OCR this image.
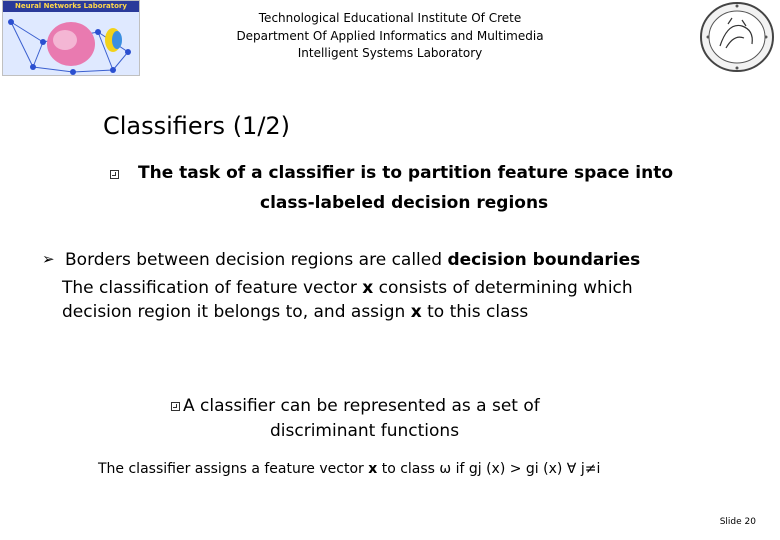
Neural Networks Laboratory
Technological Educational Institute Of Crete
Department Of Applied Informatics and Multimedia
Intelligent Systems Laboratory
Classifiers (1/2)
The task of a classifier is to partition feature space into
class-labeled decision regions
➢ Borders between decision regions are called decision boundaries
The classification of feature vector x consists of determining which
decision region it belongs to, and assign x to this class
A classifier can be represented as a set of
discriminant functions
The classifier assigns a feature vector x to class ω if gj (x) > gi (x) ∀ j≠i
Slide 20
